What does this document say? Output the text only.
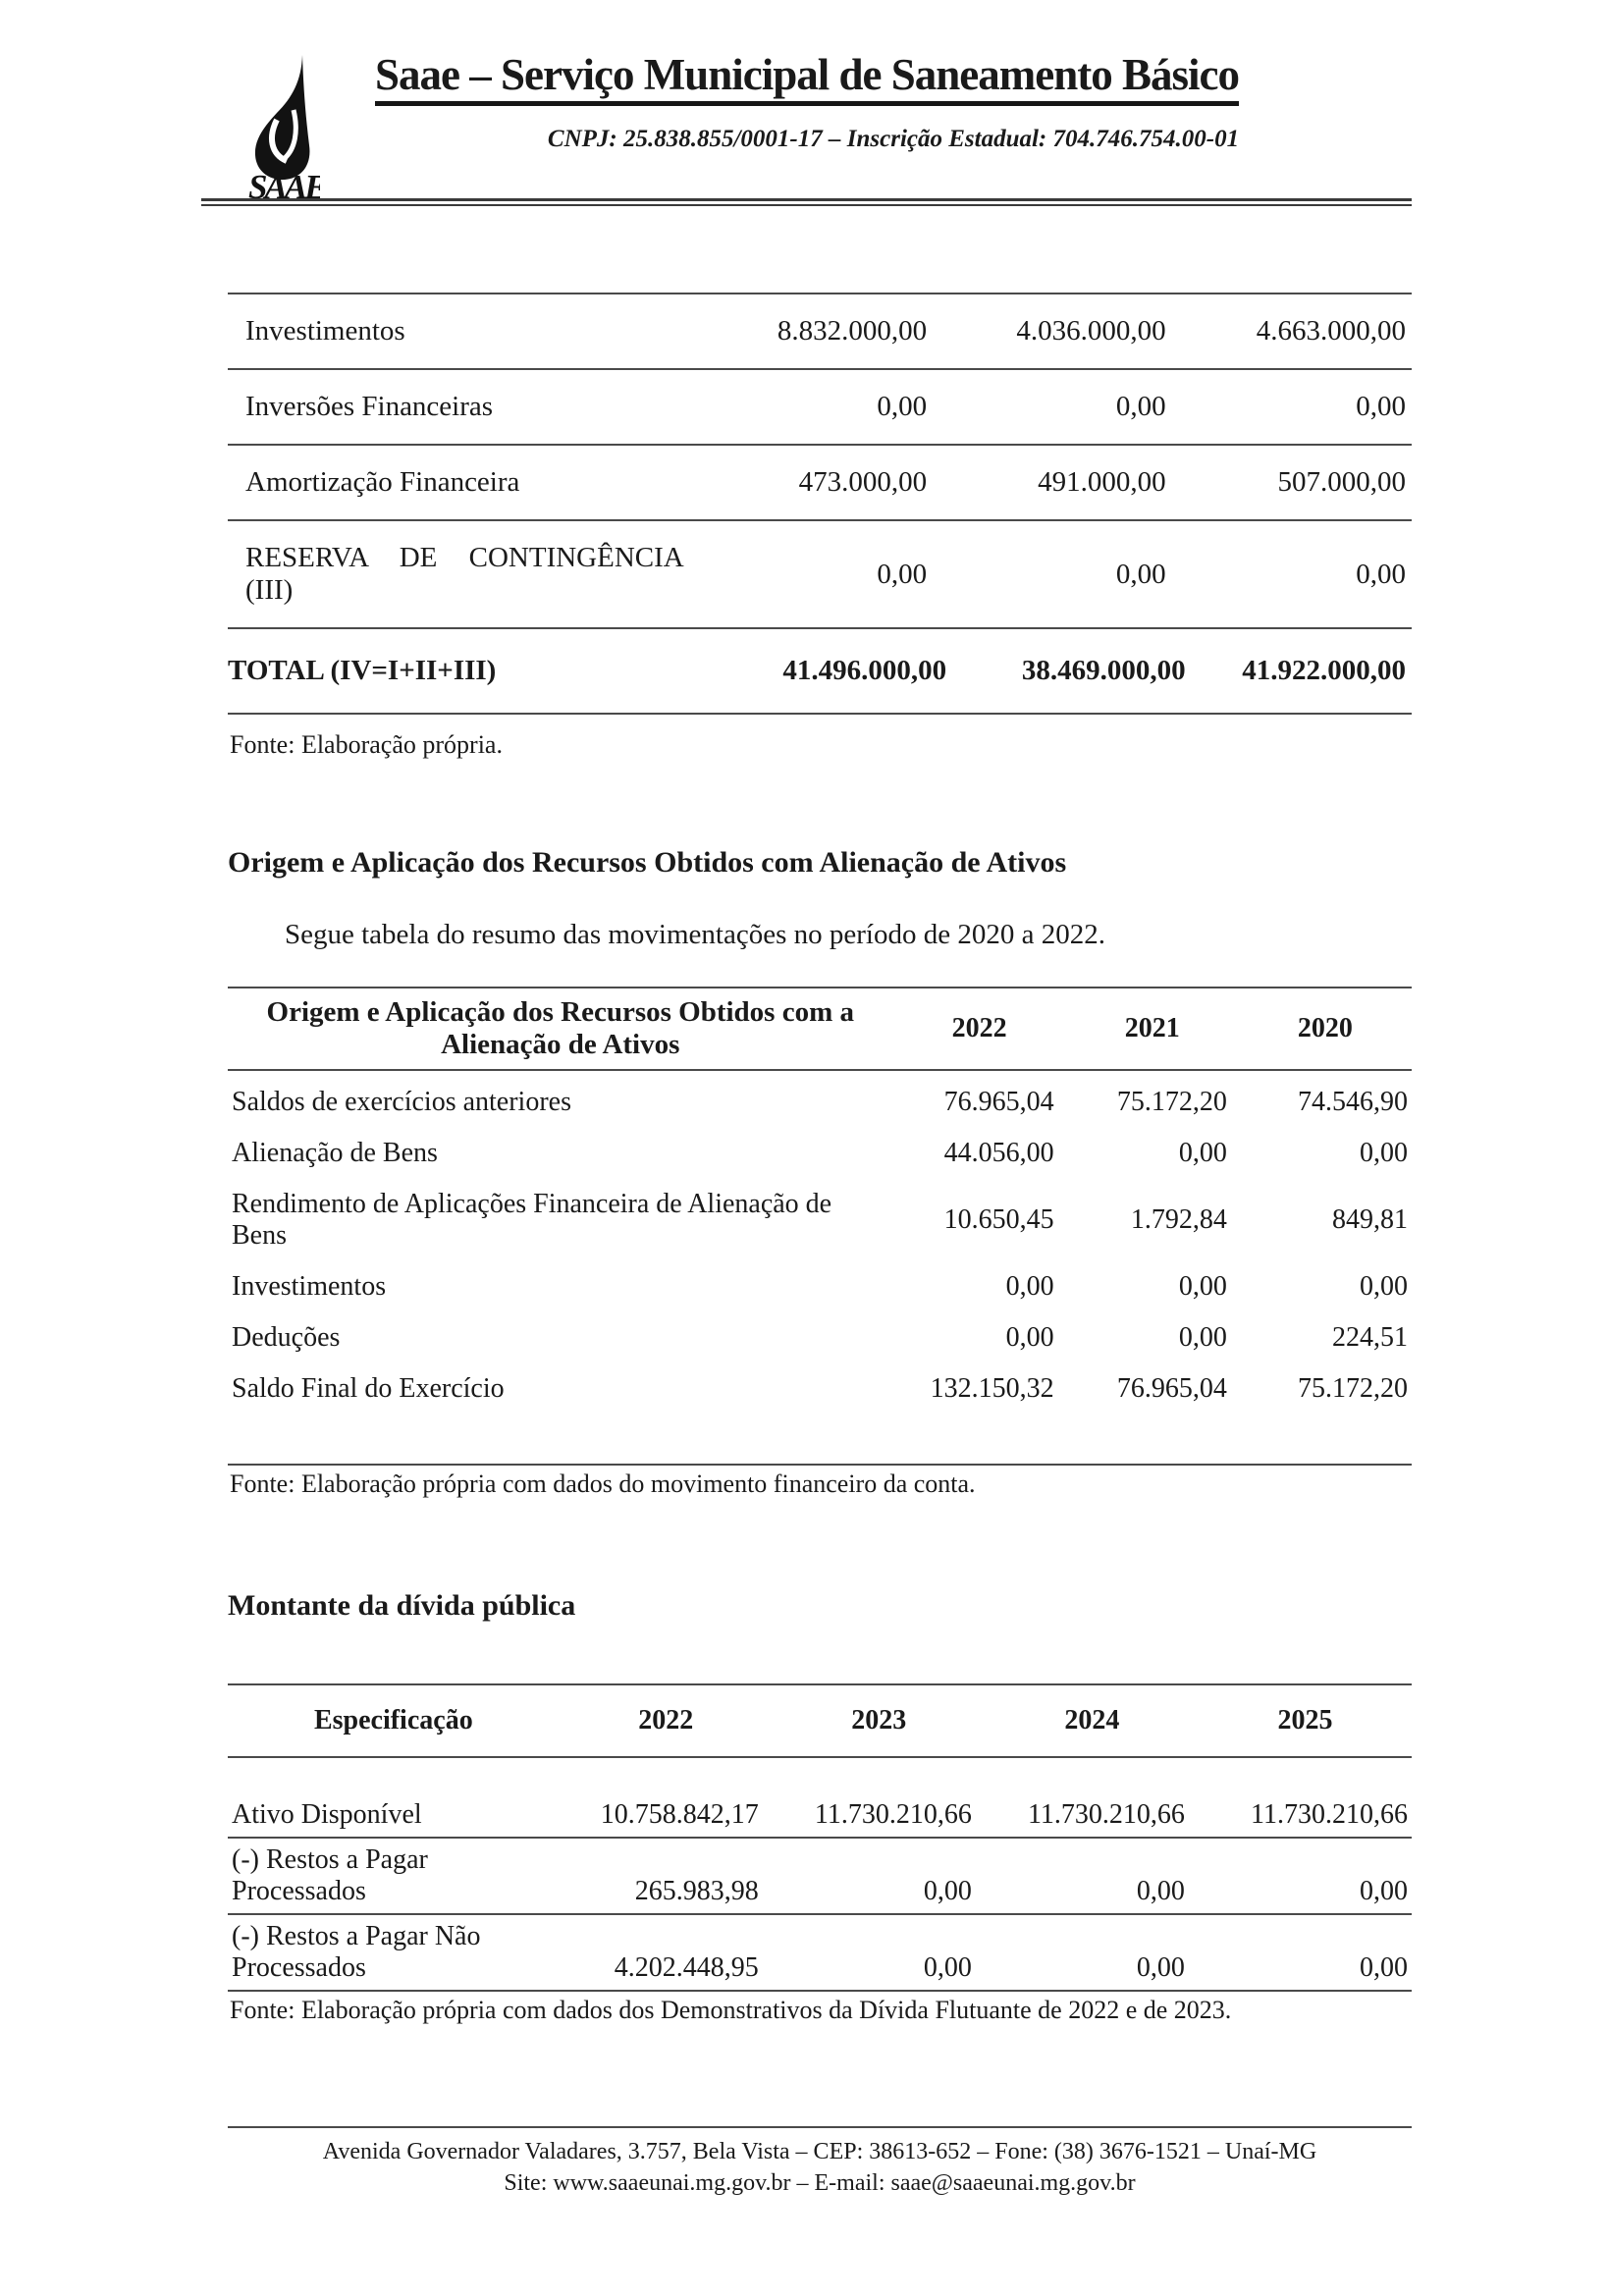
SAAE
Saae – Serviço Municipal de Saneamento Básico
CNPJ: 25.838.855/0001-17 – Inscrição Estadual: 704.746.754.00-01
Investimentos	8.832.000,00	4.036.000,00	4.663.000,00
Inversões Financeiras	0,00	0,00	0,00
Amortização Financeira	473.000,00	491.000,00	507.000,00
RESERVA DE CONTINGÊNCIA (III)	0,00	0,00	0,00
TOTAL (IV=I+II+III)	41.496.000,00	38.469.000,00	41.922.000,00
Fonte: Elaboração própria.
Origem e Aplicação dos Recursos Obtidos com Alienação de Ativos
Segue tabela do resumo das movimentações no período de 2020 a 2022.
Origem e Aplicação dos Recursos Obtidos com a Alienação de Ativos	2022	2021	2020
Saldos de exercícios anteriores	76.965,04	75.172,20	74.546,90
Alienação de Bens	44.056,00	0,00	0,00
Rendimento de Aplicações Financeira de Alienação de Bens	10.650,45	1.792,84	849,81
Investimentos	0,00	0,00	0,00
Deduções	0,00	0,00	224,51
Saldo Final do Exercício	132.150,32	76.965,04	75.172,20
Fonte: Elaboração própria com dados do movimento financeiro da conta.
Montante da dívida pública
Especificação	2022	2023	2024	2025
Ativo Disponível	10.758.842,17	11.730.210,66	11.730.210,66	11.730.210,66
(-) Restos a Pagar Processados	265.983,98	0,00	0,00	0,00
(-) Restos a Pagar Não Processados	4.202.448,95	0,00	0,00	0,00
Fonte: Elaboração própria com dados dos Demonstrativos da Dívida Flutuante de 2022 e de 2023.
Avenida Governador Valadares, 3.757, Bela Vista – CEP: 38613-652 – Fone: (38) 3676-1521 – Unaí-MG
Site: www.saaeunai.mg.gov.br – E-mail: saae@saaeunai.mg.gov.br
